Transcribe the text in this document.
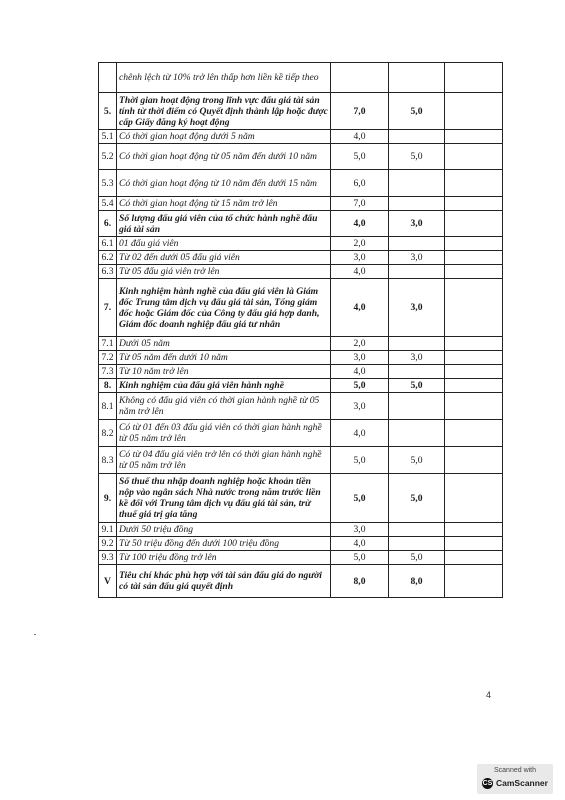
	chênh lệch từ 10% trở lên thấp hơn liền kề tiếp theo			
5.	Thời gian hoạt động trong lĩnh vực đấu giá tài sản tính từ thời điểm có Quyết định thành lập hoặc được cấp Giấy đăng ký hoạt động	7,0	5,0	
5.1	Có thời gian hoạt động dưới 5 năm	4,0		
5.2	Có thời gian hoạt động từ 05 năm đến dưới 10 năm	5,0	5,0	
5.3	Có thời gian hoạt động từ 10 năm đến dưới 15 năm	6,0		
5.4	Có thời gian hoạt động từ 15 năm trở lên	7,0		
6.	Số lượng đấu giá viên của tổ chức hành nghề đấu giá tài sản	4,0	3,0	
6.1	01 đấu giá viên	2,0		
6.2	Từ 02 đến dưới 05 đấu giá viên	3,0	3,0	
6.3	Từ 05 đấu giá viên trở lên	4,0		
7.	Kinh nghiệm hành nghề của đấu giá viên là Giám đốc Trung tâm dịch vụ đấu giá tài sản, Tổng giám đốc hoặc Giám đốc của Công ty đấu giá hợp danh, Giám đốc doanh nghiệp đấu giá tư nhân	4,0	3,0	
7.1	Dưới 05 năm	2,0		
7.2	Từ 05 năm đến dưới 10 năm	3,0	3,0	
7.3	Từ 10 năm trở lên	4,0		
8.	Kinh nghiệm của đấu giá viên hành nghề	5,0	5,0	
8.1	Không có đấu giá viên có thời gian hành nghề từ 05 năm trở lên	3,0		
8.2	Có từ 01 đến 03 đấu giá viên có thời gian hành nghề từ 05 năm trở lên	4,0		
8.3	Có từ 04 đấu giá viên trở lên có thời gian hành nghề từ 05 năm trở lên	5,0	5,0	
9.	Số thuế thu nhập doanh nghiệp hoặc khoản tiền nộp vào ngân sách Nhà nước trong năm trước liền kề đối với Trung tâm dịch vụ đấu giá tài sản, trừ thuế giá trị gia tăng	5,0	5,0	
9.1	Dưới 50 triệu đồng	3,0		
9.2	Từ 50 triệu đồng đến dưới 100 triệu đồng	4,0		
9.3	Từ 100 triệu đồng trở lên	5,0	5,0	
V	Tiêu chí khác phù hợp với tài sản đấu giá do người có tài sản đấu giá quyết định	8,0	8,0	
4
Scanned with
CS CamScanner
